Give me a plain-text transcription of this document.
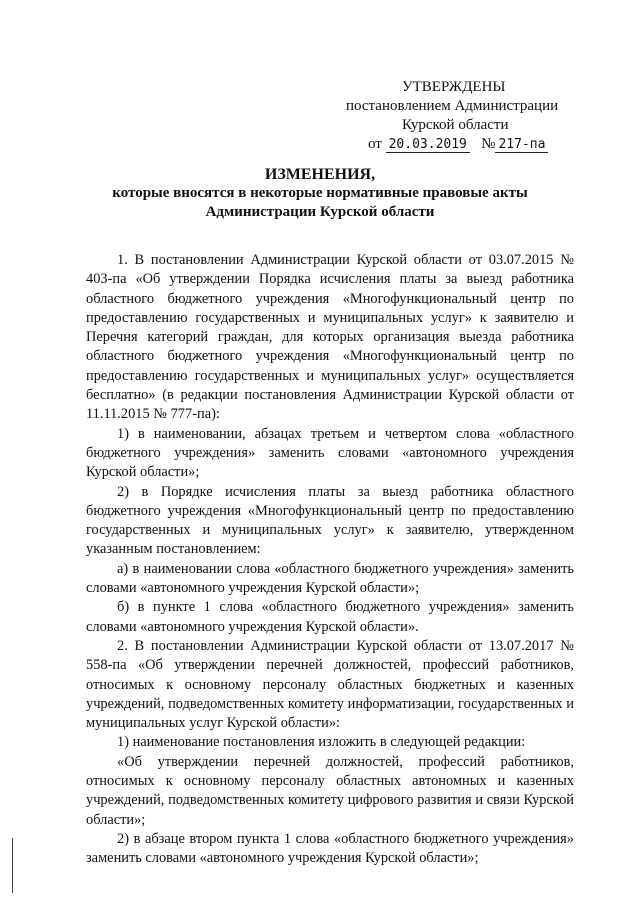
УТВЕРЖДЕНЫ
постановлением Администрации
Курской области
от 20.03.2019 № 217-па
ИЗМЕНЕНИЯ,
которые вносятся в некоторые нормативные правовые акты
Администрации Курской области

1. В постановлении Администрации Курской области от 03.07.2015 № 403-па «Об утверждении Порядка исчисления платы за выезд работника областного бюджетного учреждения «Многофункциональный центр по предоставлению государственных и муниципальных услуг» к заявителю и Перечня категорий граждан, для которых организация выезда работника областного бюджетного учреждения «Многофункциональный центр по предоставлению государственных и муниципальных услуг» осуществляется бесплатно» (в редакции постановления Администрации Курской области от 11.11.2015 № 777-па):

1) в наименовании, абзацах третьем и четвертом слова «областного бюджетного учреждения» заменить словами «автономного учреждения Курской области»;

2) в Порядке исчисления платы за выезд работника областного бюджетного учреждения «Многофункциональный центр по предоставлению государственных и муниципальных услуг» к заявителю, утвержденном указанным постановлением:

а) в наименовании слова «областного бюджетного учреждения» заменить словами «автономного учреждения Курской области»;

б) в пункте 1 слова «областного бюджетного учреждения» заменить словами «автономного учреждения Курской области».

2. В постановлении Администрации Курской области от 13.07.2017 № 558-па «Об утверждении перечней должностей, профессий работников, относимых к основному персоналу областных бюджетных и казенных учреждений, подведомственных комитету информатизации, государственных и муниципальных услуг Курской области»:

1) наименование постановления изложить в следующей редакции:

«Об утверждении перечней должностей, профессий работников, относимых к основному персоналу областных автономных и казенных учреждений, подведомственных комитету цифрового развития и связи Курской области»;

2) в абзаце втором пункта 1 слова «областного бюджетного учреждения» заменить словами «автономного учреждения Курской области»;
